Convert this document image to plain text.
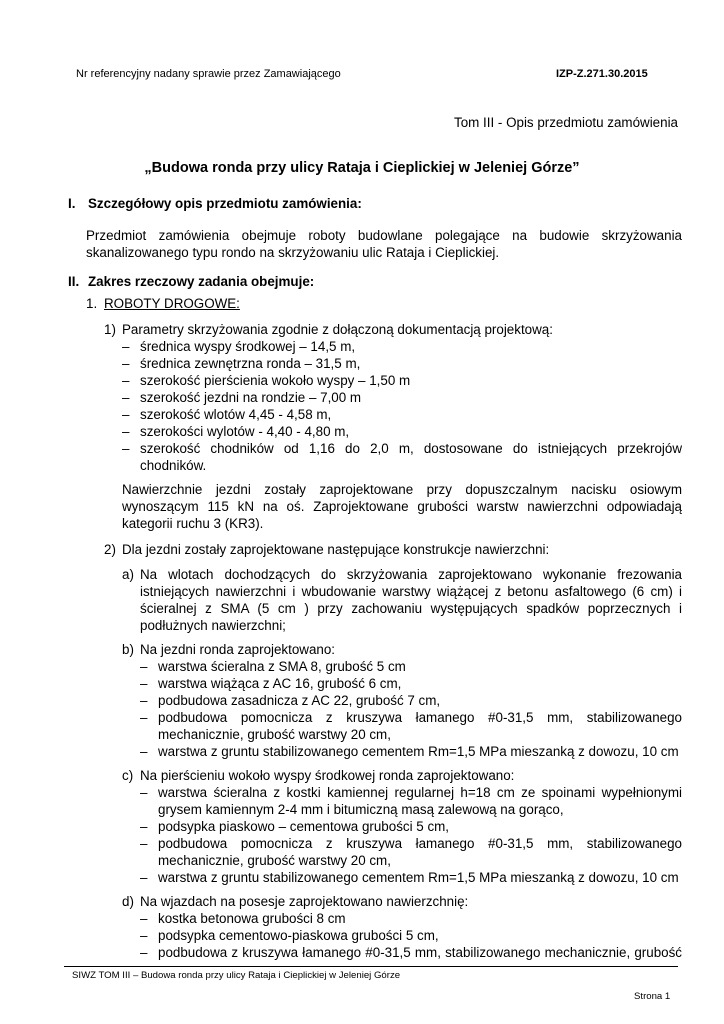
Nr referencyjny nadany sprawie przez Zamawiającego	IZP-Z.271.30.2015
Tom III - Opis przedmiotu zamówienia
„Budowa ronda przy ulicy Rataja i Cieplickiej w Jeleniej Górze”
I. Szczegółowy opis przedmiotu zamówienia:
Przedmiot zamówienia obejmuje roboty budowlane polegające na budowie skrzyżowania
skanalizowanego typu rondo na skrzyżowaniu ulic Rataja i Cieplickiej.
II. Zakres rzeczowy zadania obejmuje:
1. ROBOTY DROGOWE:
1) Parametry skrzyżowania zgodnie z dołączoną dokumentacją projektową:
– średnica wyspy środkowej – 14,5 m,
– średnica zewnętrzna ronda – 31,5 m,
– szerokość pierścienia wokoło wyspy – 1,50 m
– szerokość jezdni na rondzie – 7,00 m
– szerokość wlotów 4,45 - 4,58 m,
– szerokości wylotów - 4,40 - 4,80 m,
– szerokość chodników od 1,16 do 2,0 m, dostosowane do istniejących przekrojów
chodników.
Nawierzchnie jezdni zostały zaprojektowane przy dopuszczalnym nacisku osiowym
wynoszącym 115 kN na oś. Zaprojektowane grubości warstw nawierzchni odpowiadają
kategorii ruchu 3 (KR3).
2) Dla jezdni zostały zaprojektowane następujące konstrukcje nawierzchni:
a) Na wlotach dochodzących do skrzyżowania zaprojektowano wykonanie frezowania
istniejących nawierzchni i wbudowanie warstwy wiążącej z betonu asfaltowego (6 cm) i
ścieralnej z SMA (5 cm ) przy zachowaniu występujących spadków poprzecznych i
podłużnych nawierzchni;
b) Na jezdni ronda zaprojektowano:
– warstwa ścieralna z SMA 8, grubość 5 cm
– warstwa wiążąca z AC 16, grubość 6 cm,
– podbudowa zasadnicza z AC 22, grubość 7 cm,
– podbudowa pomocnicza z kruszywa łamanego #0-31,5 mm, stabilizowanego
mechanicznie, grubość warstwy 20 cm,
– warstwa z gruntu stabilizowanego cementem Rm=1,5 MPa mieszanką z dowozu, 10 cm
c) Na pierścieniu wokoło wyspy środkowej ronda zaprojektowano:
– warstwa ścieralna z kostki kamiennej regularnej h=18 cm ze spoinami wypełnionymi
grysem kamiennym 2-4 mm i bitumiczną masą zalewową na gorąco,
– podsypka piaskowo – cementowa grubości 5 cm,
– podbudowa pomocnicza z kruszywa łamanego #0-31,5 mm, stabilizowanego
mechanicznie, grubość warstwy 20 cm,
– warstwa z gruntu stabilizowanego cementem Rm=1,5 MPa mieszanką z dowozu, 10 cm
d) Na wjazdach na posesje zaprojektowano nawierzchnię:
– kostka betonowa grubości 8 cm
– podsypka cementowo-piaskowa grubości 5 cm,
– podbudowa z kruszywa łamanego #0-31,5 mm, stabilizowanego mechanicznie, grubość
SIWZ TOM III – Budowa ronda przy ulicy Rataja i Cieplickiej w Jeleniej Górze
Strona 1
